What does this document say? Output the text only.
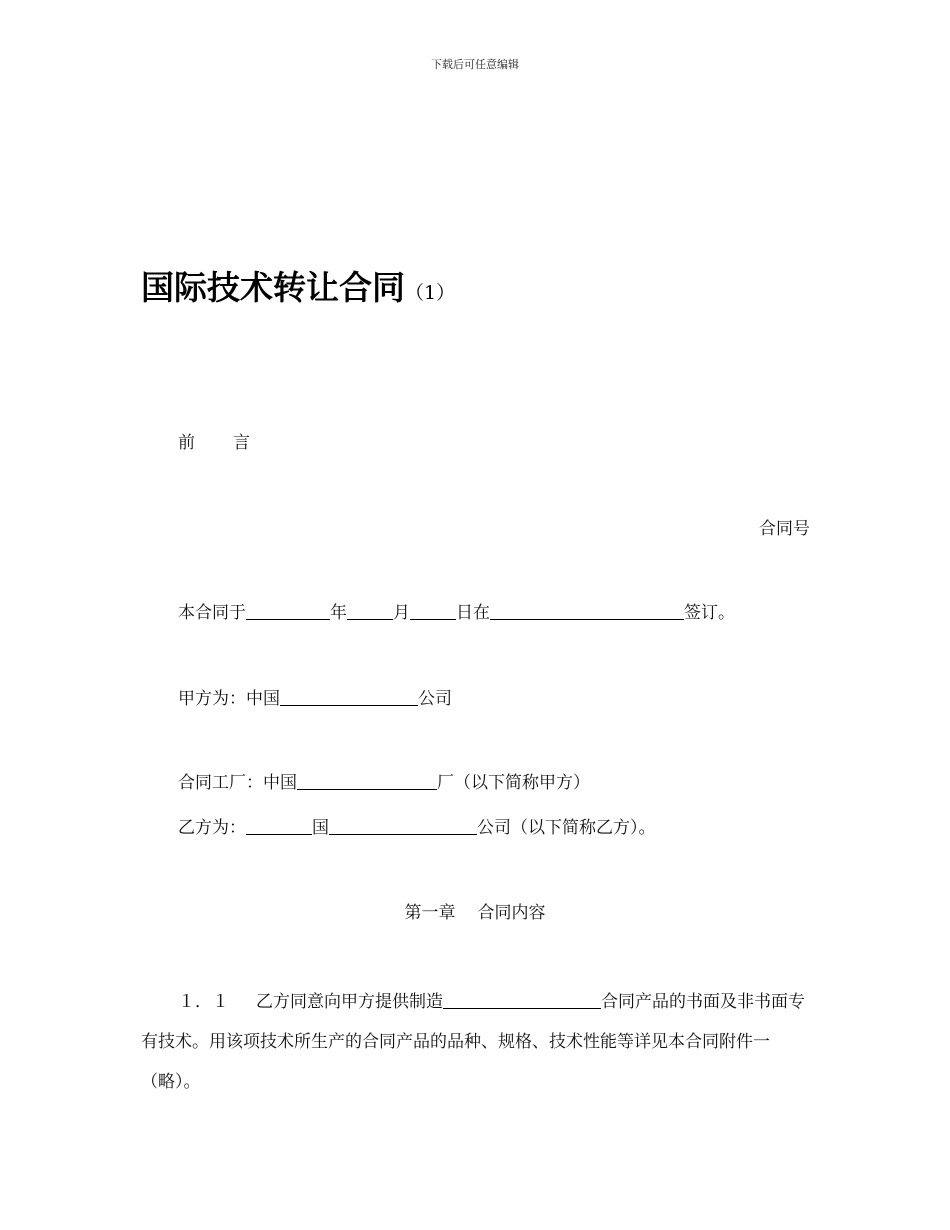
下载后可任意编辑
国际技术转让合同（1）
前 言
合同号
本合同于	年	月	日在	签订。
甲方为：中国	公司
合同工厂：中国	厂（以下简称甲方）
乙方为：	国	公司（以下简称乙方）。
第一章 合同内容
１．１ 乙方同意向甲方提供制造	合同产品的书面及非书面专有技术。用该项技术所生产的合同产品的品种、规格、技术性能等详见本合同附件一（略）。
